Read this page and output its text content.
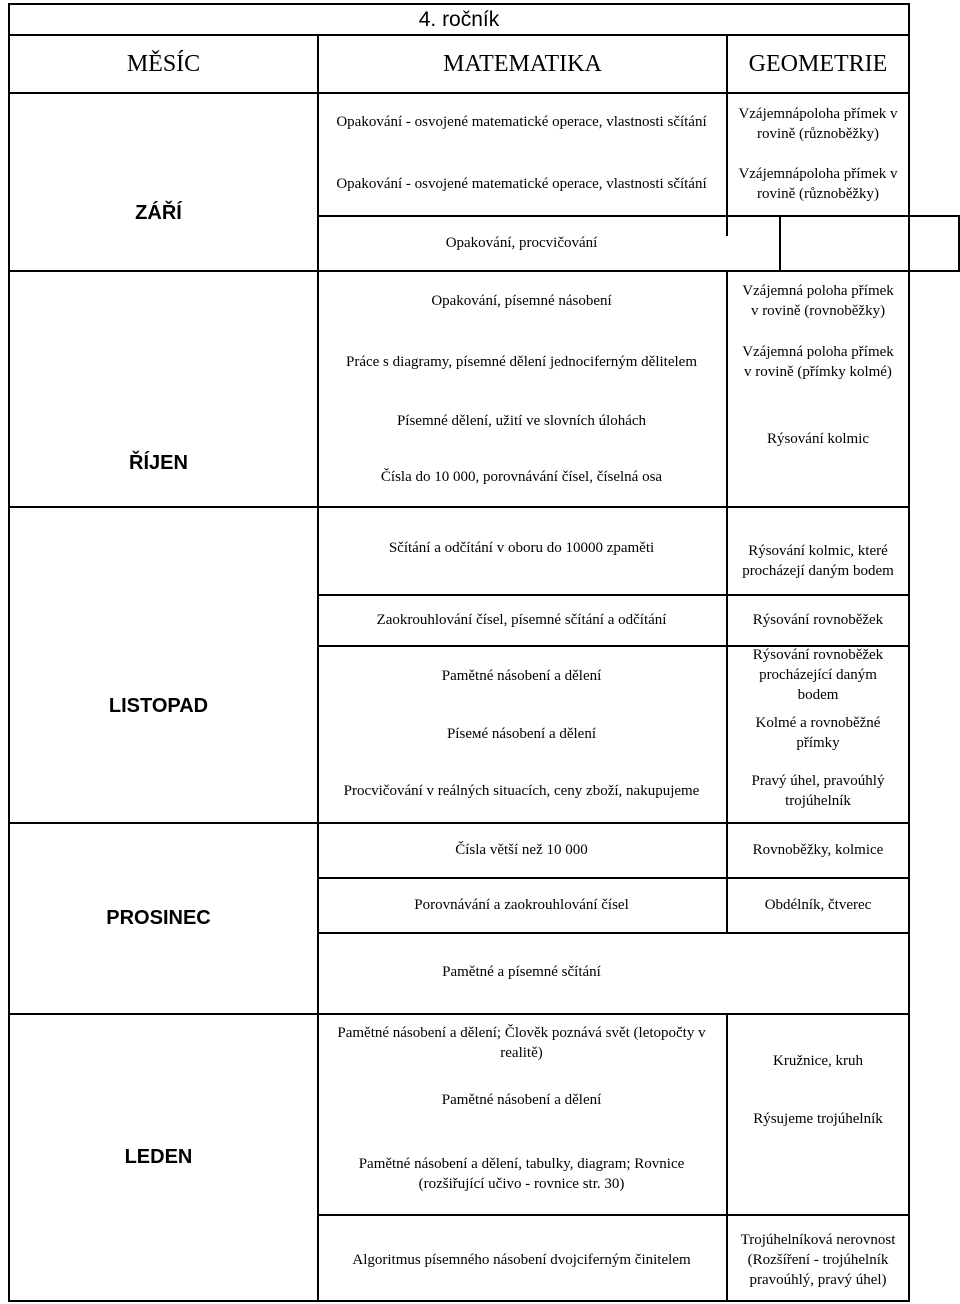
4. ročník
MĚSÍC	MATEMATIKA	GEOMETRIE
ZÁŘÍ
ŘÍJEN
LISTOPAD
PROSINEC
LEDEN
Opakování - osvojené matematické operace, vlastnosti sčítání
Opakování - osvojené matematické operace, vlastnosti sčítání
Opakování, procvičování
Opakování, písemné násobení
Práce s diagramy, písemné dělení jednociferným dělitelem
Písemné dělení, užití ve slovních úlohách
Čísla do 10 000, porovnávání čísel, číselná osa
Sčítání a odčítání v oboru do 10000 zpaměti
Zaokrouhlování čísel, písemné sčítání a odčítání
Pamětné násobení a dělení
Píseмé násobení a dělení
Procvičování v reálných situacích, ceny zboží, nakupujeme
Čísla větší než 10 000
Porovnávání a zaokrouhlování čísel
Pamětné a písemné sčítání
Pamětné násobení a dělení; Člověk poznává svět (letopočty v realitě)
Pamětné násobení a dělení
Pamětné násobení a dělení, tabulky, diagram; Rovnice (rozšiřující učivo - rovnice str. 30)
Algoritmus písemného násobení dvojciferným činitelem
Vzájemnápoloha přímek v rovině (různoběžky)
Vzájemnápoloha přímek v rovině (různoběžky)
Vzájemná poloha přímek v rovině (rovnoběžky)
Vzájemná poloha přímek v rovině (přímky kolmé)
Rýsování kolmic
Rýsování kolmic, které procházejí daným bodem
Rýsování rovnoběžek
Rýsování rovnoběžek procházející daným bodem
Kolmé a rovnoběžné přímky
Pravý úhel, pravoúhlý trojúhelník
Rovnoběžky, kolmice
Obdélník, čtverec
Kružnice, kruh
Rýsujeme trojúhelník
Trojúhelníková nerovnost (Rozšíření - trojúhelník pravoúhlý, pravý úhel)
